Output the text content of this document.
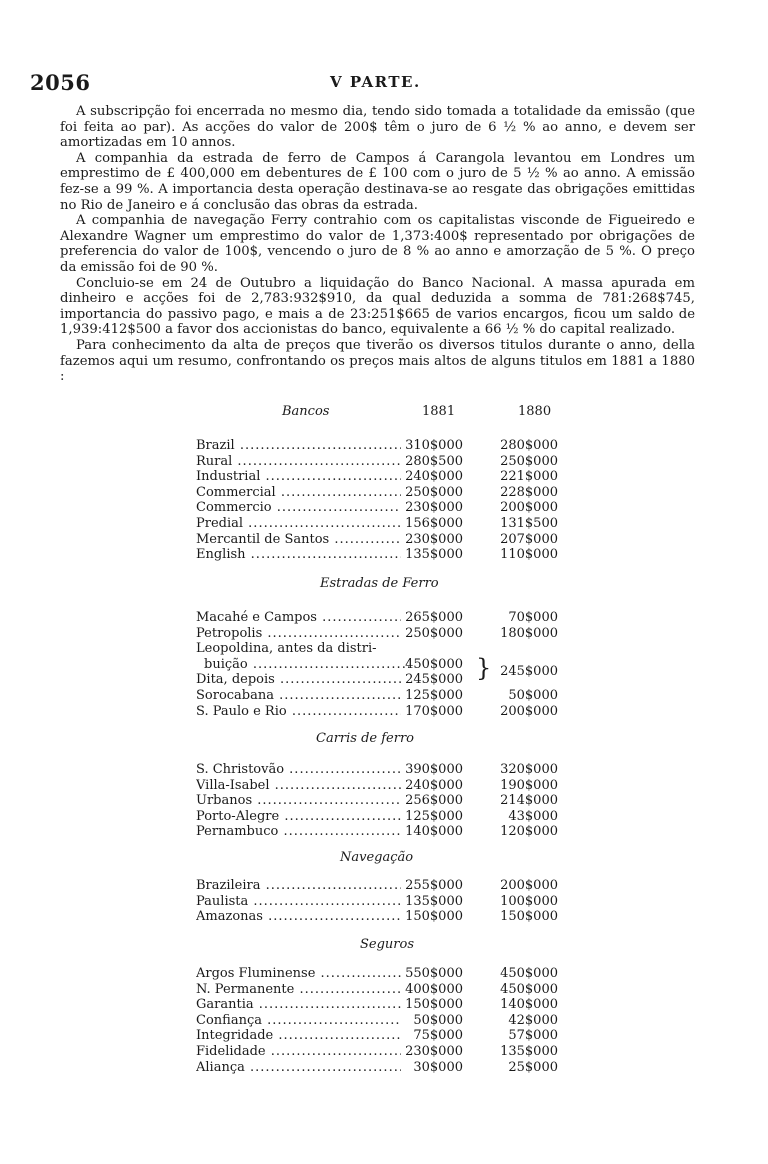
2056	V PARTE.

A subscripção foi encerrada no mesmo dia, tendo sido tomada a totalidade da emissão (que foi feita ao par). As acções do valor de 200$ têm o juro de 6 ½ % ao anno, e devem ser amortizadas em 10 annos.

A companhia da estrada de ferro de Campos á Carangola levantou em Londres um emprestimo de £ 400,000 em debentures de £ 100 com o juro de 5 ½ % ao anno. A emissão fez-se a 99 %. A importancia desta operação destinava-se ao resgate das obrigações emittidas no Rio de Janeiro e á conclusão das obras da estrada.

A companhia de navegação Ferry contrahio com os capitalistas visconde de Figueiredo e Alexandre Wagner um emprestimo do valor de 1,373:400$ representado por obrigações de preferencia do valor de 100$, vencendo o juro de 8 % ao anno e amorzação de 5 %. O preço da emissão foi de 90 %.

Concluio-se em 24 de Outubro a liquidação do Banco Nacional. A massa apurada em dinheiro e acções foi de 2,783:932$910, da qual deduzida a somma de 781:268$745, importancia do passivo pago, e mais a de 23:251$665 de varios encargos, ficou um saldo de 1,939:412$500 a favor dos accionistas do banco, equivalente a 66 ½ % do capital realizado.

Para conhecimento da alta de preços que tiverão os diversos titulos durante o anno, della fazemos aqui um resumo, confrontando os preços mais altos de alguns titulos em 1881 a 1880 :

Bancos	1881	1880
Brazil .....	310$000	280$000
Rural .....	280$500	250$000
Industrial .....	240$000	221$000
Commercial .....	250$000	228$000
Commercio .....	230$000	200$000
Predial .....	156$000	131$500
Mercantil de Santos .....	230$000	207$000
English .....	135$000	110$000
Estradas de Ferro
Macahé e Campos .....	265$000	70$000
Petropolis .....	250$000	180$000
Leopoldina, antes da distri-
buição .....	450$000 } 245$000
Dita, depois .....	245$000
Sorocabana .....	125$000	50$000
S. Paulo e Rio .....	170$000	200$000
Carris de ferro
S. Christovão .....	390$000	320$000
Villa-Isabel .....	240$000	190$000
Urbanos .....	256$000	214$000
Porto-Alegre .....	125$000	43$000
Pernambuco .....	140$000	120$000
Navegação
Brazileira .....	255$000	200$000
Paulista .....	135$000	100$000
Amazonas .....	150$000	150$000
Seguros
Argos Fluminense .....	550$000	450$000
N. Permanente .....	400$000	450$000
Garantia .....	150$000	140$000
Confiança .....	50$000	42$000
Integridade .....	75$000	57$000
Fidelidade .....	230$000	135$000
Aliança .....	30$000	25$000
